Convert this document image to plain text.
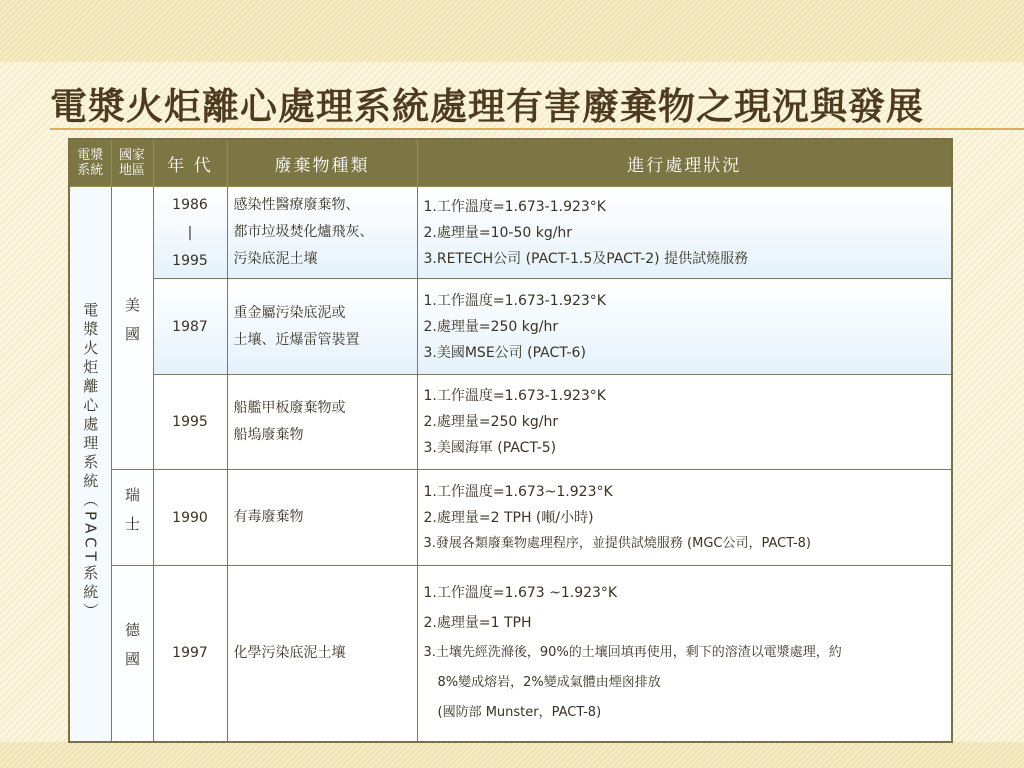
電漿火炬離心處理系統處理有害廢棄物之現況與發展
電漿系統	國家地區	年 代	廢棄物種類	進行處理狀況
電漿火炬離心處理系統（PACT系統）	美國	1986
|
1995	感染性醫療廢棄物、
都市垃圾焚化爐飛灰、
污染底泥土壤	1.工作溫度=1.673-1.923°K
2.處理量=10-50 kg/hr
3.RETECH公司 (PACT-1.5及PACT-2) 提供試燒服務

		1987	重金屬污染底泥或
土壤、近爆雷管裝置	1.工作溫度=1.673-1.923°K
2.處理量=250 kg/hr
3.美國MSE公司 (PACT-6)

		1995	船艦甲板廢棄物或
船塢廢棄物	1.工作溫度=1.673-1.923°K
2.處理量=250 kg/hr
3.美國海軍 (PACT-5)

	瑞士	1990	有毒廢棄物	1.工作溫度=1.673~1.923°K
2.處理量=2 TPH (噸/小時)
3.發展各類廢棄物處理程序，並提供試燒服務 (MGC公司，PACT-8)

	德國	1997	化學污染底泥土壤	1.工作溫度=1.673 ~1.923°K
2.處理量=1 TPH
3.土壤先經洗滌後，90%的土壤回填再使用，剩下的溶渣以電漿處理，約
8%變成熔岩，2%變成氣體由煙囪排放
(國防部 Munster，PACT-8)
